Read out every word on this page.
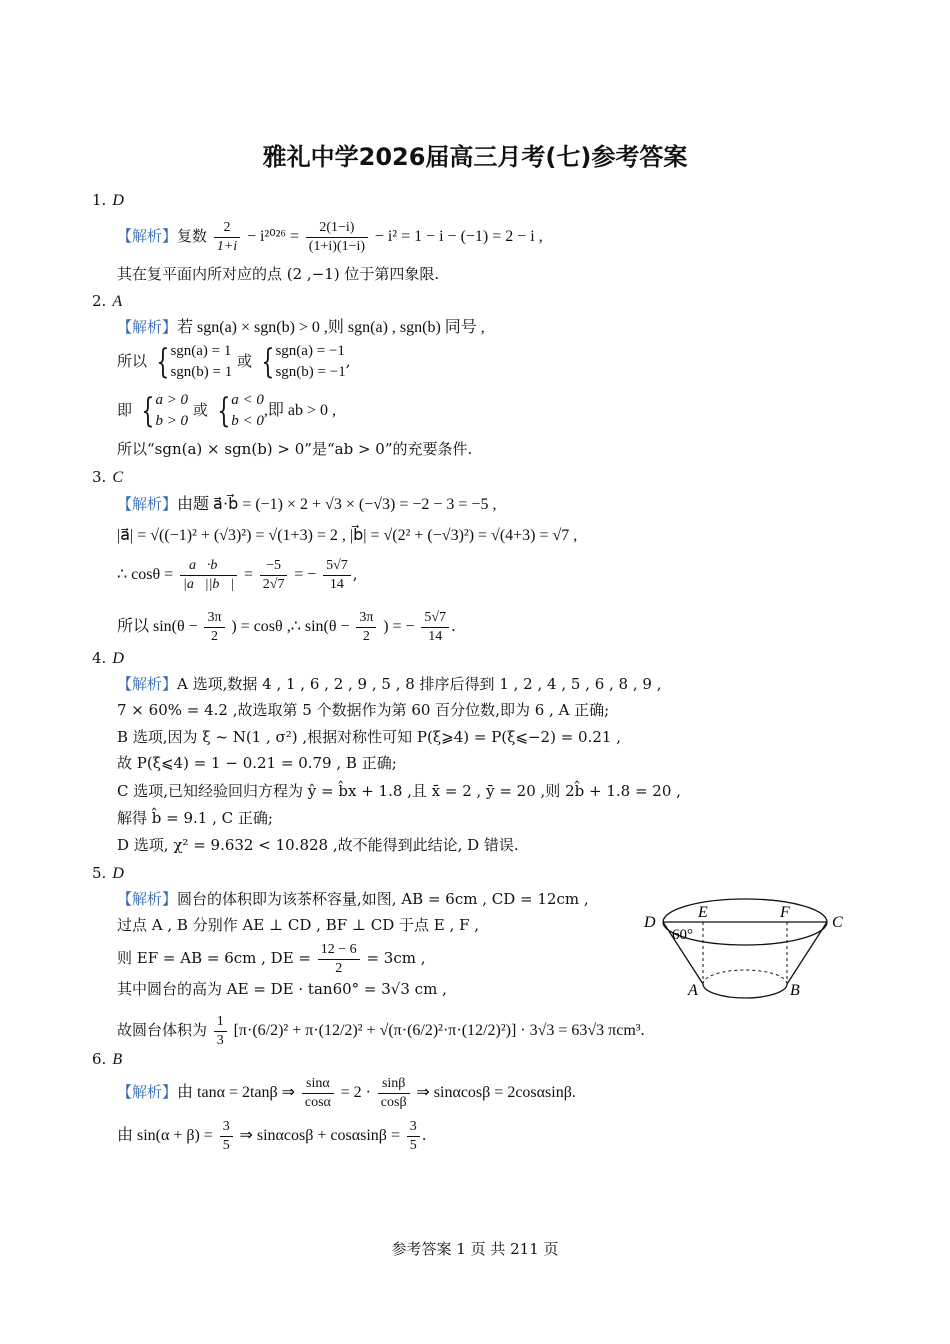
雅礼中学2026届高三月考(七)参考答案
1. D
【解析】复数 $\frac{2}{1+i} - i^{2026} = \frac{2(1-i)}{(1+i)(1-i)} - i^2 = 1 - i - (-1) = 2 - i$ ,
其在复平面内所对应的点 (2 ,−1) 位于第四象限.
2. A
【解析】若 sgn(a) × sgn(b) > 0 ,则 sgn(a) , sgn(b) 同号 ,
所以 { sgn(a) = 1
sgn(b) = 1
或 { sgn(a) = −1
sgn(b) = −1
,
即 { a > 0
b > 0
或 { a < 0
b < 0
,即 ab > 0 ,
所以“sgn(a) × sgn(b) > 0”是“ab > 0”的充要条件.
3. C
【解析】由题 a⃗·b⃗ = (−1) × 2 + √3 × (−√3) = −2 − 3 = −5 ,
|a⃗| = √((−1)² + (√3)²) = √(1+3) = 2 , |b⃗| = √(2² + (−√3)²) = √(4+3) = √7 ,
∴ $\cos\theta = \frac{a⃗\cdot b⃗}{|a⃗||b⃗|} = \frac{-5}{2√7}$ = − $\frac{5√7}{14}$ ,
所以 $\sin(\theta - \frac{3\pi}{2}$ ) = cosθ ,∴ $\sin(\theta - \frac{3\pi}{2}$ ) = − $\frac{5√7}{14}$ .
4. D
【解析】A 选项,数据 4 , 1 , 6 , 2 , 9 , 5 , 8 排序后得到 1 , 2 , 4 , 5 , 6 , 8 , 9 ,
7 × 60% = 4.2 ,故选取第 5 个数据作为第 60 百分位数,即为 6 , A 正确;
B 选项,因为 ξ ~ N(1 , σ²) ,根据对称性可知 P(ξ⩾4) = P(ξ⩽−2) = 0.21 ,
故 P(ξ⩽4) = 1 − 0.21 = 0.79 , B 正确;
C 选项,已知经验回归方程为 ŷ = b̂x + 1.8 ,且 x̄ = 2 , ȳ = 20 ,则 2b̂ + 1.8 = 20 ,
解得 b̂ = 9.1 , C 正确;
D 选项, χ² = 9.632 < 10.828 ,故不能得到此结论, D 错误.
5. D
【解析】圆台的体积即为该茶杯容量,如图, AB = 6cm , CD = 12cm ,
过点 A , B 分别作 AE ⊥ CD , BF ⊥ CD 于点 E , F ,
则 EF = AB = 6cm , DE = $\frac{12 - 6}{2} = 3cm$ ,
其中圆台的高为 AE = DE · tan60° = 3√3 cm ,
故圆台体积为 $\frac{1}{3} [\pi\cdot(6/2)^2 + \pi\cdot(12/2)^2 + √(\pi\cdot(6/2)^2\cdot\pi\cdot(12/2)^2)] \cdot 3√3 = 63√3$ πcm³.
D
E	F
C
A	B
60°
6. B
【解析】由 tanα = 2tanβ ⇒ $\frac{\sin\alpha}{\cos\alpha} = 2 \cdot \frac{\sin\beta}{\cos\beta}$ ⇒ sinαcosβ = 2cosαsinβ.
由 $\sin(\alpha + \beta) = \frac{3}{5}$ ⇒ $\sin\alpha\cos\beta + \cos\alpha\sin\beta = \frac{3}{5}$ .
参考答案 1 页 共 211 页
